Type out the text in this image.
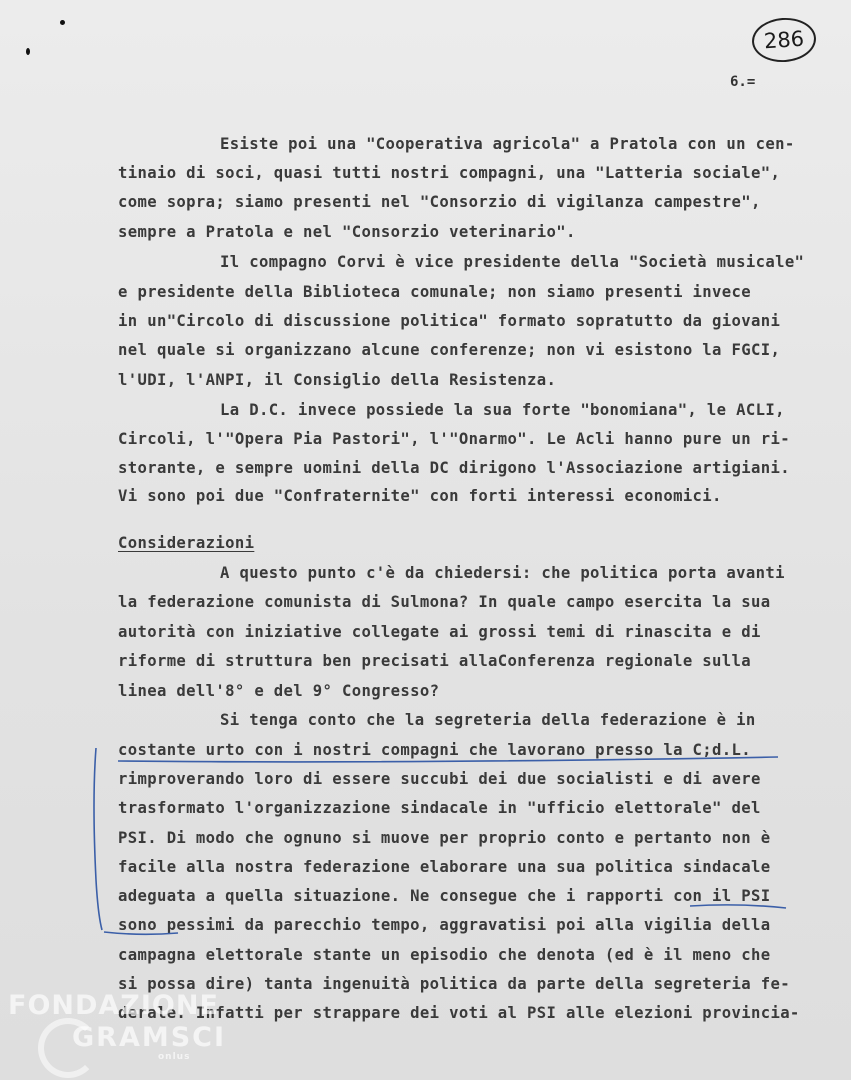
286
6.=
Esiste poi una "Cooperativa agricola" a Pratola con un cen-
tinaio di soci, quasi tutti nostri compagni, una "Latteria sociale",
come sopra; siamo presenti nel "Consorzio di vigilanza campestre",
sempre a Pratola e nel "Consorzio veterinario".
Il compagno Corvi è vice presidente della "Società musicale"
e presidente della Biblioteca comunale; non siamo presenti invece
in un"Circolo di discussione politica" formato sopratutto da giovani
nel quale si organizzano alcune conferenze; non vi esistono la FGCI,
l'UDI, l'ANPI, il Consiglio della Resistenza.
La D.C. invece possiede la sua forte "bonomiana", le ACLI,
Circoli, l'"Opera Pia Pastori", l'"Onarmo". Le Acli hanno pure un ri-
storante, e sempre uomini della DC dirigono l'Associazione artigiani.
Vi sono poi due "Confraternite" con forti interessi economici.
Considerazioni
A questo punto c'è da chiedersi: che politica porta avanti
la federazione comunista di Sulmona? In quale campo esercita la sua
autorità con iniziative collegate ai grossi temi di rinascita e di
riforme di struttura ben precisati allaConferenza regionale sulla
linea dell'8° e del 9° Congresso?
Si tenga conto che la segreteria della federazione è in
costante urto con i nostri compagni che lavorano presso la C;d.L.
rimproverando loro di essere succubi dei due socialisti e di avere
trasformato l'organizzazione sindacale in "ufficio elettorale" del
PSI. Di modo che ognuno si muove per proprio conto e pertanto non è
facile alla nostra federazione elaborare una sua politica sindacale
adeguata a quella situazione. Ne consegue che i rapporti con il PSI
sono pessimi da parecchio tempo, aggravatisi poi alla vigilia della
campagna elettorale stante un episodio che denota (ed è il meno che
si possa dire) tanta ingenuità politica da parte della segreteria fe-
derale. Infatti per strappare dei voti al PSI alle elezioni provincia-
FONDAZIONE
GRAMSCI
onlus
